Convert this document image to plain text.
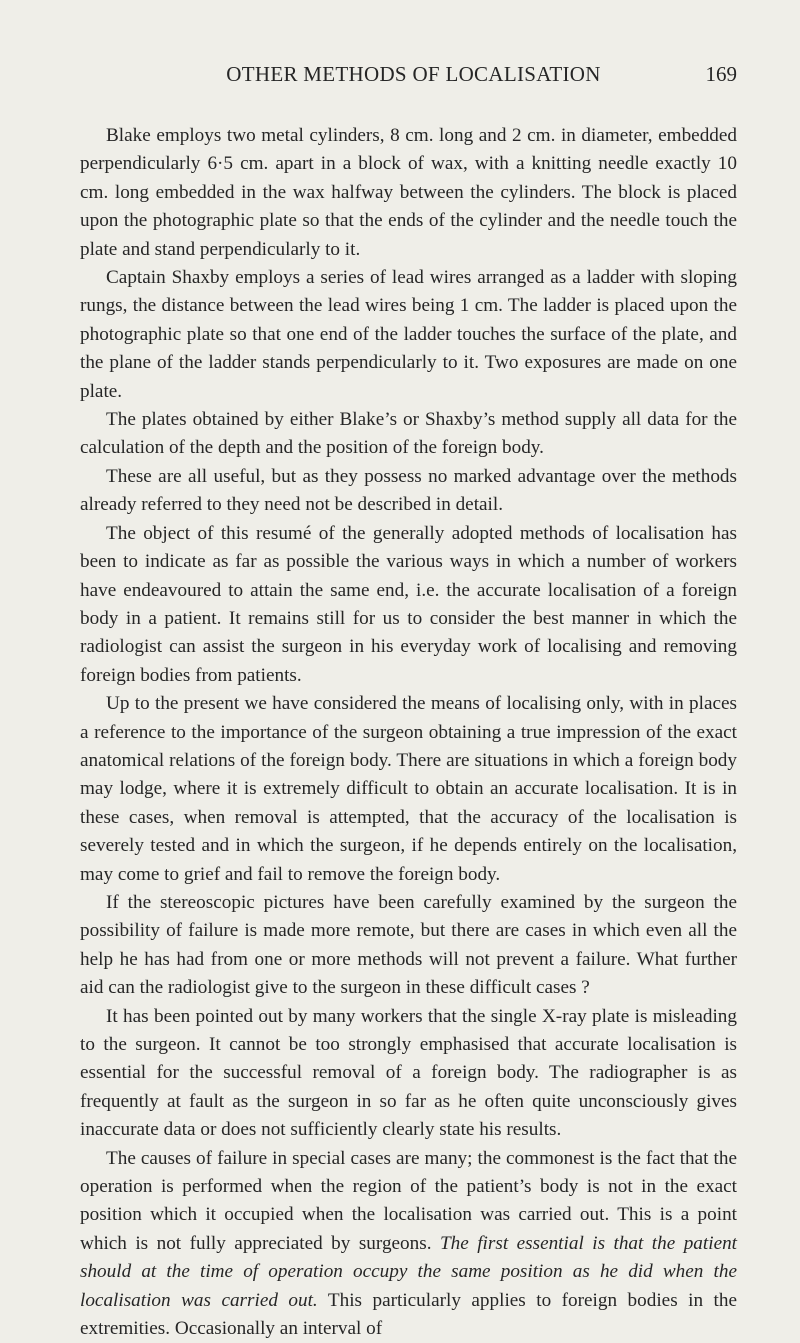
OTHER METHODS OF LOCALISATION	169

Blake employs two metal cylinders, 8 cm. long and 2 cm. in diameter, embedded perpendicularly 6·5 cm. apart in a block of wax, with a knitting needle exactly 10 cm. long embedded in the wax halfway between the cylinders. The block is placed upon the photographic plate so that the ends of the cylinder and the needle touch the plate and stand perpendicularly to it.

Captain Shaxby employs a series of lead wires arranged as a ladder with sloping rungs, the distance between the lead wires being 1 cm. The ladder is placed upon the photographic plate so that one end of the ladder touches the surface of the plate, and the plane of the ladder stands perpendicularly to it. Two exposures are made on one plate.

The plates obtained by either Blake’s or Shaxby’s method supply all data for the calculation of the depth and the position of the foreign body.

These are all useful, but as they possess no marked advantage over the methods already referred to they need not be described in detail.

The object of this resumé of the generally adopted methods of localisation has been to indicate as far as possible the various ways in which a number of workers have endeavoured to attain the same end, i.e. the accurate localisation of a foreign body in a patient. It remains still for us to consider the best manner in which the radiologist can assist the surgeon in his everyday work of localising and removing foreign bodies from patients.

Up to the present we have considered the means of localising only, with in places a reference to the importance of the surgeon obtaining a true impression of the exact anatomical relations of the foreign body. There are situations in which a foreign body may lodge, where it is extremely difficult to obtain an accurate localisation. It is in these cases, when removal is attempted, that the accuracy of the localisation is severely tested and in which the surgeon, if he depends entirely on the localisation, may come to grief and fail to remove the foreign body.

If the stereoscopic pictures have been carefully examined by the surgeon the possibility of failure is made more remote, but there are cases in which even all the help he has had from one or more methods will not prevent a failure. What further aid can the radiologist give to the surgeon in these difficult cases ?

It has been pointed out by many workers that the single X-ray plate is misleading to the surgeon. It cannot be too strongly emphasised that accurate localisation is essential for the successful removal of a foreign body. The radiographer is as frequently at fault as the surgeon in so far as he often quite unconsciously gives inaccurate data or does not sufficiently clearly state his results.

The causes of failure in special cases are many; the commonest is the fact that the operation is performed when the region of the patient’s body is not in the exact position which it occupied when the localisation was carried out. This is a point which is not fully appreciated by surgeons. The first essential is that the patient should at the time of operation occupy the same position as he did when the localisation was carried out. This particularly applies to foreign bodies in the extremities. Occasionally an interval of
